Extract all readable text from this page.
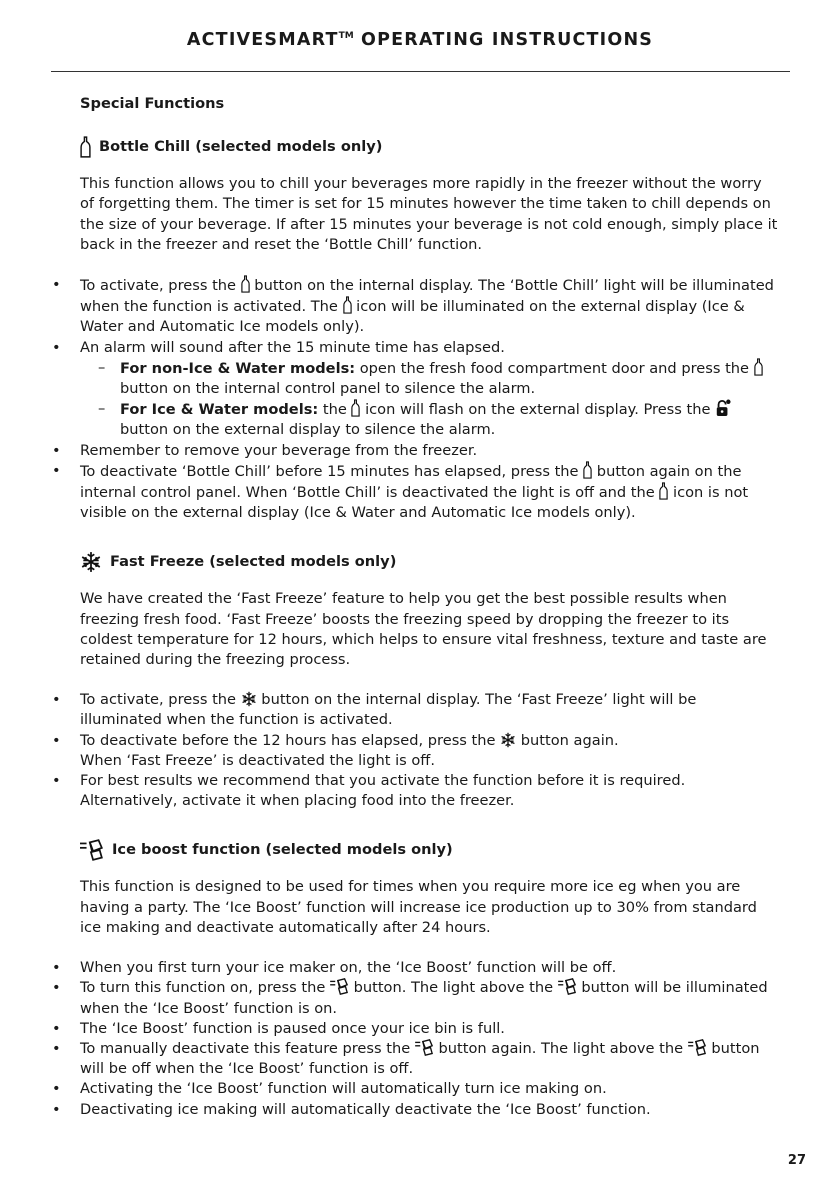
ACTIVESMART™ OPERATING INSTRUCTIONS
Special Functions
Bottle Chill (selected models only)

This function allows you to chill your beverages more rapidly in the freezer without the worry of forgetting them. The timer is set for 15 minutes however the time taken to chill depends on the size of your beverage. If after 15 minutes your beverage is not cold enough, simply place it back in the freezer and reset the ‘Bottle Chill’ function.

• To activate, press the  button on the internal display. The ‘Bottle Chill’ light will be illuminated when the function is activated. The  icon will be illuminated on the external display (Ice & Water and Automatic Ice models only).
• An alarm will sound after the 15 minute time has elapsed.
– For non-Ice & Water models: open the fresh food compartment door and press the  button on the internal control panel to silence the alarm.
– For Ice & Water models: the  icon will flash on the external display. Press the  button on the external display to silence the alarm.
• Remember to remove your beverage from the freezer.
• To deactivate ‘Bottle Chill’ before 15 minutes has elapsed, press the  button again on the internal control panel. When ‘Bottle Chill’ is deactivated the light is off and the  icon is not visible on the external display (Ice & Water and Automatic Ice models only).
Fast Freeze (selected models only)

We have created the ‘Fast Freeze’ feature to help you get the best possible results when freezing fresh food. ‘Fast Freeze’ boosts the freezing speed by dropping the freezer to its coldest temperature for 12 hours, which helps to ensure vital freshness, texture and taste are retained during the freezing process.

• To activate, press the  button on the internal display. The ‘Fast Freeze’ light will be illuminated when the function is activated.
• To deactivate before the 12 hours has elapsed, press the  button again.
When ‘Fast Freeze’ is deactivated the light is off.
• For best results we recommend that you activate the function before it is required. Alternatively, activate it when placing food into the freezer.
Ice boost function (selected models only)

This function is designed to be used for times when you require more ice eg when you are having a party. The ‘Ice Boost’ function will increase ice production up to 30% from standard ice making and deactivate automatically after 24 hours.

• When you first turn your ice maker on, the ‘Ice Boost’ function will be off.
• To turn this function on, press the  button. The light above the  button will be illuminated when the ‘Ice Boost’ function is on.
• The ‘Ice Boost’ function is paused once your ice bin is full.
• To manually deactivate this feature press the  button again. The light above the  button will be off when the ‘Ice Boost’ function is off.
• Activating the ‘Ice Boost’ function will automatically turn ice making on.
• Deactivating ice making will automatically deactivate the ‘Ice Boost’ function.
27
